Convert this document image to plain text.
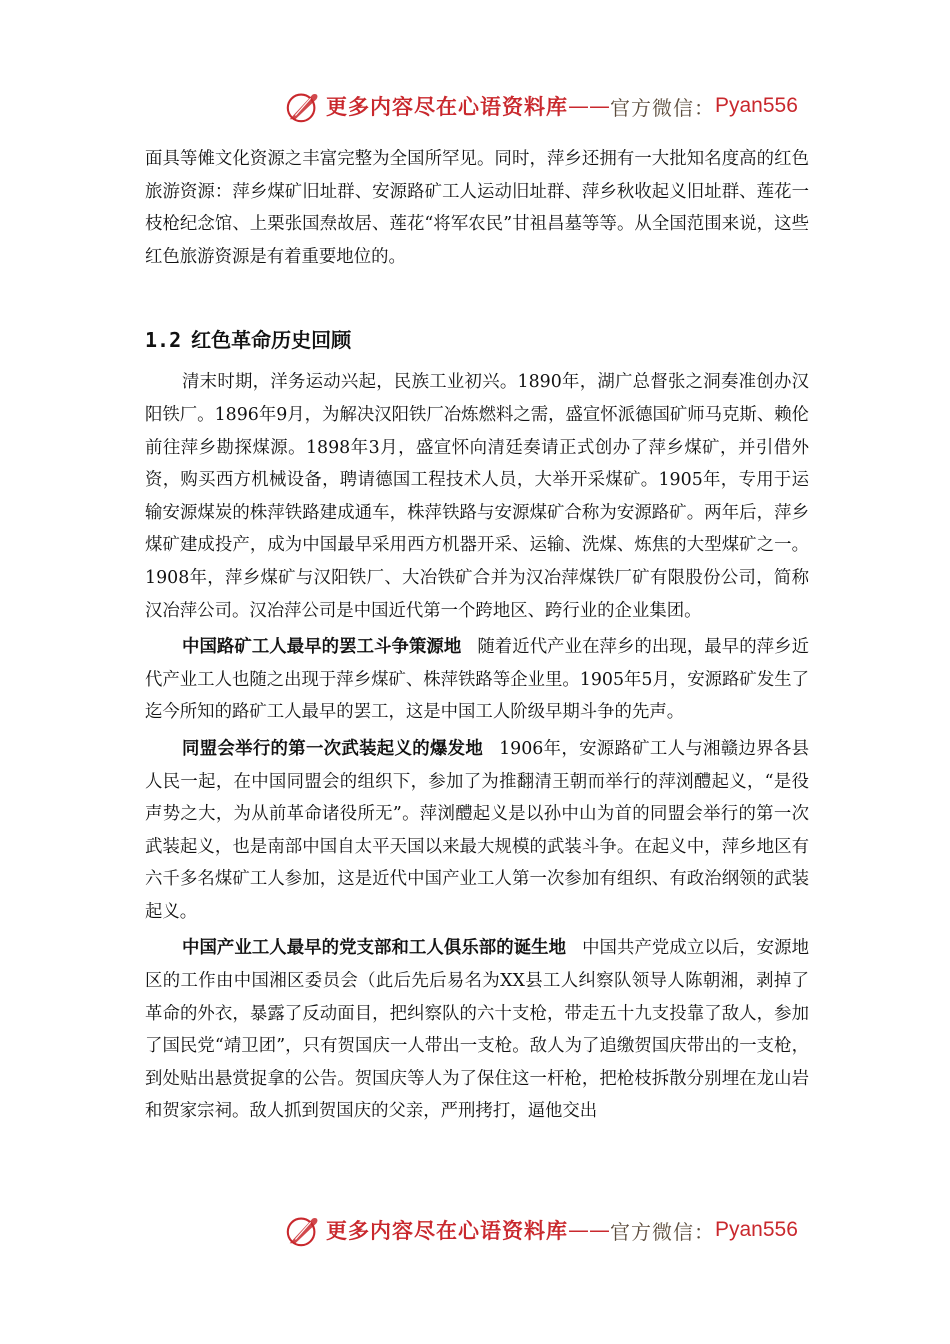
更多内容尽在心语资料库 —— 官方微信： Pyan556

面具等傩文化资源之丰富完整为全国所罕见。同时，萍乡还拥有一大批知名度高的红色旅游资源：萍乡煤矿旧址群、安源路矿工人运动旧址群、萍乡秋收起义旧址群、莲花一枝枪纪念馆、上栗张国焘故居、莲花“将军农民”甘祖昌墓等等。从全国范围来说，这些红色旅游资源是有着重要地位的。

1.2 红色革命历史回顾

清末时期，洋务运动兴起，民族工业初兴。1890年，湖广总督张之洞奏准创办汉阳铁厂。1896年9月，为解决汉阳铁厂冶炼燃料之需，盛宣怀派德国矿师马克斯、赖伦前往萍乡勘探煤源。1898年3月，盛宣怀向清廷奏请正式创办了萍乡煤矿，并引借外资，购买西方机械设备，聘请德国工程技术人员，大举开采煤矿。1905年，专用于运输安源煤炭的株萍铁路建成通车，株萍铁路与安源煤矿合称为安源路矿。两年后，萍乡煤矿建成投产，成为中国最早采用西方机器开采、运输、洗煤、炼焦的大型煤矿之一。1908年，萍乡煤矿与汉阳铁厂、大冶铁矿合并为汉冶萍煤铁厂矿有限股份公司，简称汉冶萍公司。汉冶萍公司是中国近代第一个跨地区、跨行业的企业集团。

中国路矿工人最早的罢工斗争策源地 随着近代产业在萍乡的出现，最早的萍乡近代产业工人也随之出现于萍乡煤矿、株萍铁路等企业里。1905年5月，安源路矿发生了迄今所知的路矿工人最早的罢工，这是中国工人阶级早期斗争的先声。

同盟会举行的第一次武装起义的爆发地 1906年，安源路矿工人与湘赣边界各县人民一起，在中国同盟会的组织下，参加了为推翻清王朝而举行的萍浏醴起义，“是役声势之大，为从前革命诸役所无”。萍浏醴起义是以孙中山为首的同盟会举行的第一次武装起义，也是南部中国自太平天国以来最大规模的武装斗争。在起义中，萍乡地区有六千多名煤矿工人参加，这是近代中国产业工人第一次参加有组织、有政治纲领的武装起义。

中国产业工人最早的党支部和工人俱乐部的诞生地 中国共产党成立以后，安源地区的工作由中国湘区委员会（此后先后易名为XX县工人纠察队领导人陈朝湘，剥掉了革命的外衣，暴露了反动面目，把纠察队的六十支枪，带走五十九支投靠了敌人，参加了国民党“靖卫团”，只有贺国庆一人带出一支枪。敌人为了追缴贺国庆带出的一支枪，到处贴出悬赏捉拿的公告。贺国庆等人为了保住这一杆枪，把枪枝拆散分别埋在龙山岩和贺家宗祠。敌人抓到贺国庆的父亲，严刑拷打，逼他交出

更多内容尽在心语资料库 —— 官方微信： Pyan556
